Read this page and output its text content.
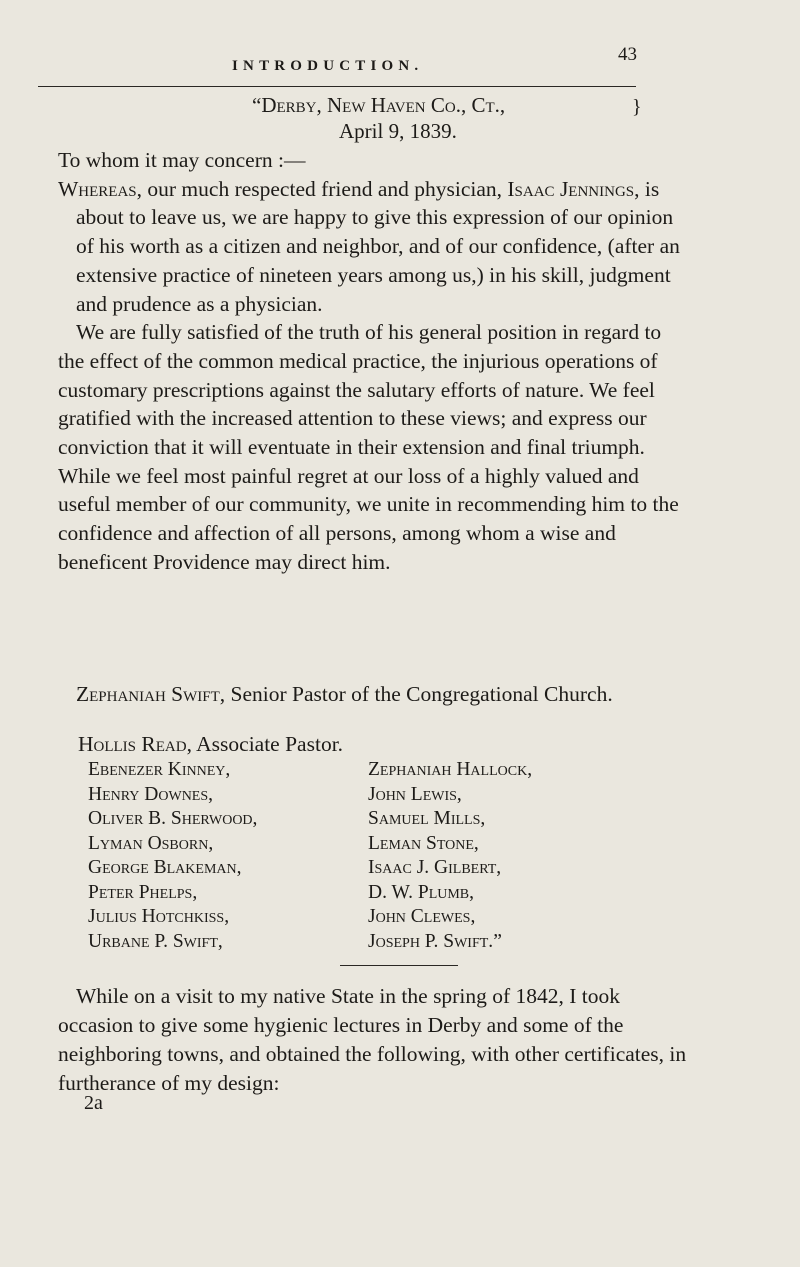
INTRODUCTION.
43
“Derby, New Haven Co., Ct.,
April 9, 1839.
}

To whom it may concern :—

Whereas, our much respected friend and physician, Isaac Jennings, is about to leave us, we are happy to give this expression of our opinion of his worth as a citizen and neighbor, and of our confidence, (after an extensive practice of nineteen years among us,) in his skill, judgment and prudence as a physician.

We are fully satisfied of the truth of his general position in regard to the effect of the common medical practice, the injurious operations of customary prescriptions against the salutary efforts of nature. We feel gratified with the increased attention to these views; and express our conviction that it will eventuate in their extension and final triumph. While we feel most painful regret at our loss of a highly valued and useful member of our community, we unite in recommending him to the confidence and affection of all persons, among whom a wise and beneficent Providence may direct him.

Zephaniah Swift, Senior Pastor of the Congregational Church.
Hollis Read, Associate Pastor.
Ebenezer Kinney,
Henry Downes,
Oliver B. Sherwood,
Lyman Osborn,
George Blakeman,
Peter Phelps,
Julius Hotchkiss,
Urbane P. Swift,
Zephaniah Hallock,
John Lewis,
Samuel Mills,
Leman Stone,
Isaac J. Gilbert,
D. W. Plumb,
John Clewes,
Joseph P. Swift. ”
While on a visit to my native State in the spring of 1842, I took occasion to give some hygienic lectures in Derby and some of the neighboring towns, and obtained the following, with other certificates, in furtherance of my design:
2a
